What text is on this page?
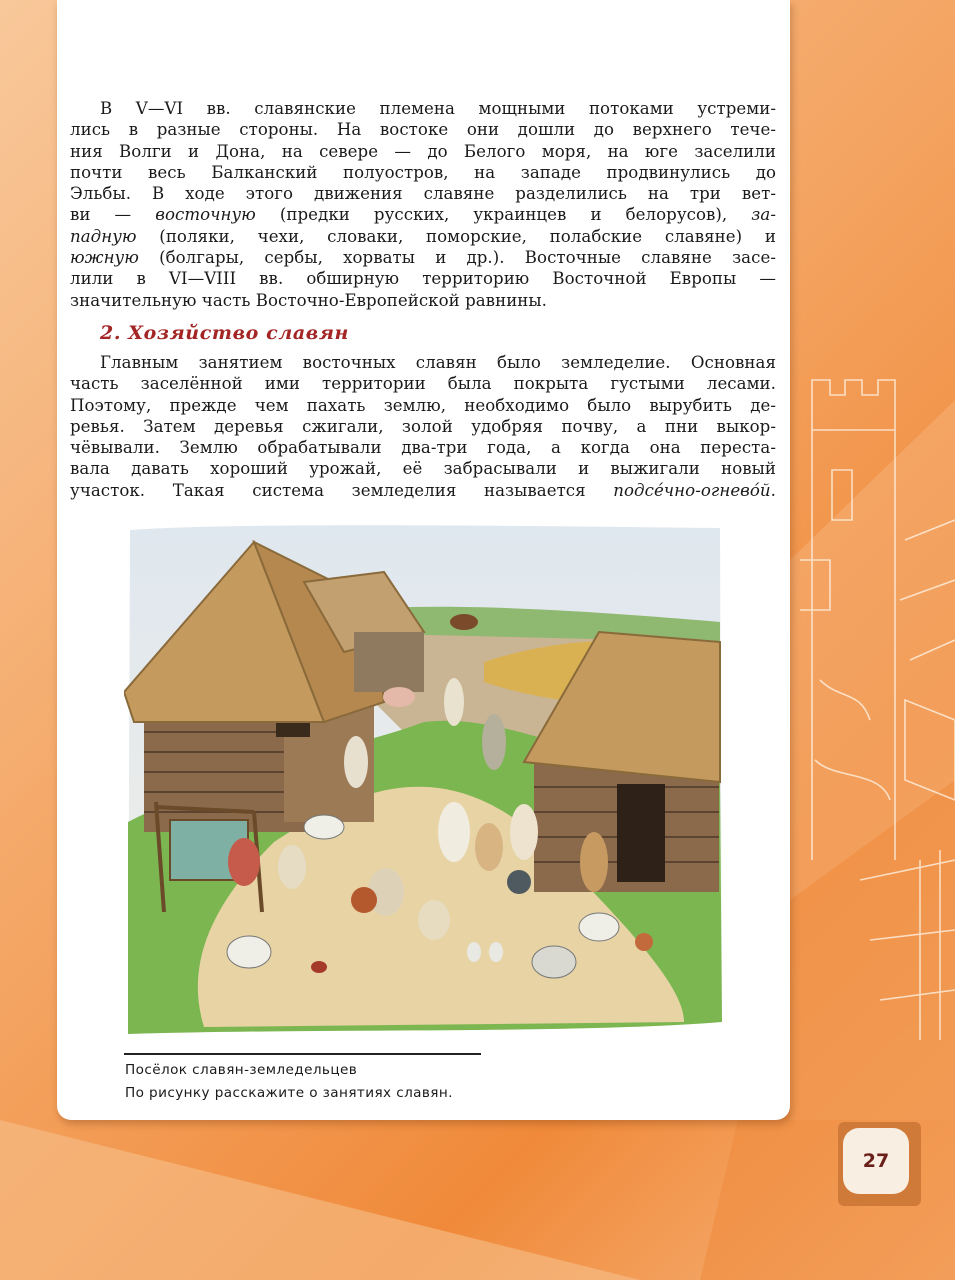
В V—VI вв. славянские племена мощными потоками устреми-
лись в разные стороны. На востоке они дошли до верхнего тече-
ния Волги и Дона, на севере — до Белого моря, на юге заселили
почти весь Балканский полуостров, на западе продвинулись до
Эльбы. В ходе этого движения славяне разделились на три вет-
ви — восточную (предки русских, украинцев и белорусов), за-
падную (поляки, чехи, словаки, поморские, полабские славяне) и
южную (болгары, сербы, хорваты и др.). Восточные славяне засе-
лили в VI—VIII вв. обширную территорию Восточной Европы —
значительную часть Восточно-Европейской равнины.
2. Хозяйство славян
Главным занятием восточных славян было земледелие. Основная
часть заселённой ими территории была покрыта густыми лесами.
Поэтому, прежде чем пахать землю, необходимо было вырубить де-
ревья. Затем деревья сжигали, золой удобряя почву, а пни выкор-
чёвывали. Землю обрабатывали два-три года, а когда она переста-
вала давать хороший урожай, её забрасывали и выжигали новый
участок. Такая система земледелия называется подсе́чно-огнево́й.
Посёлок славян-земледельцев
По рисунку расскажите о занятиях славян.
27
